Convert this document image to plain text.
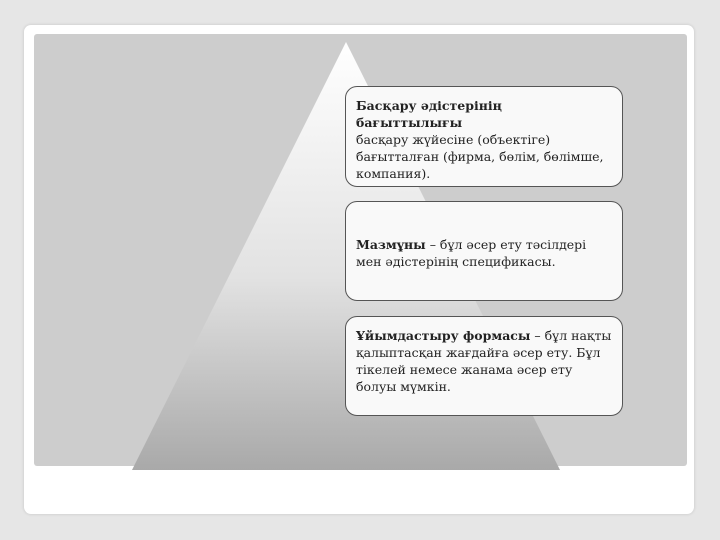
Басқару әдістерінің бағыттылығы
басқару жүйесіне (объектіге) бағытталған (фирма, бөлім, бөлімше, компания).
Мазмұны – бұл әсер ету тәсілдері мен әдістерінің спецификасы.
Ұйымдастыру формасы – бұл нақты қалыптасқан жағдайға әсер ету. Бұл тікелей немесе жанама әсер ету болуы мүмкін.
